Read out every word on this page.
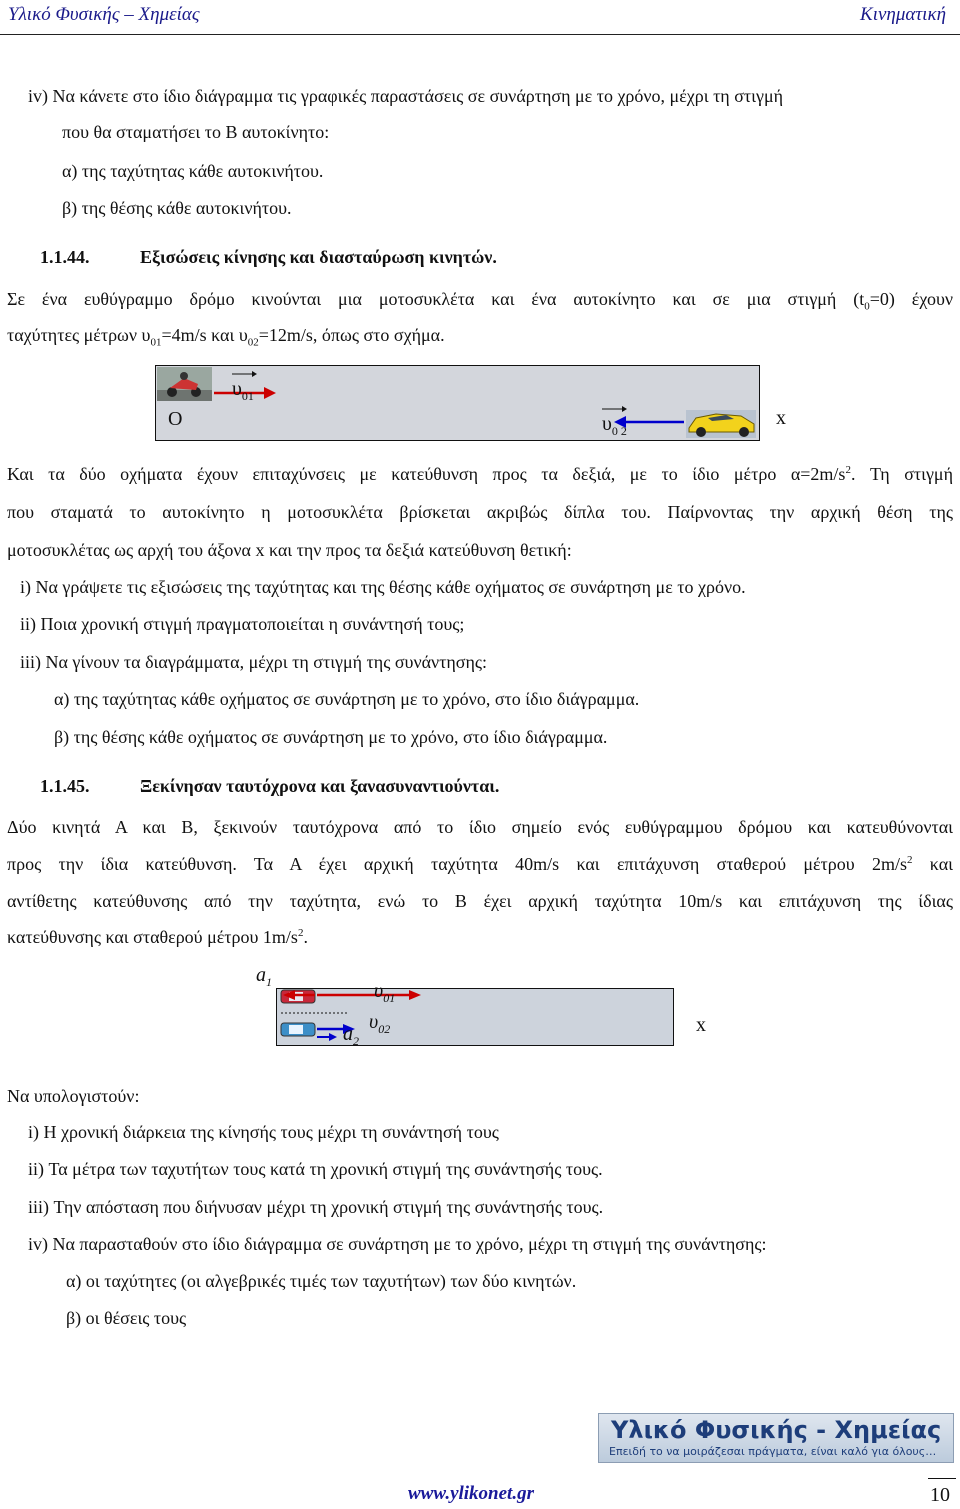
Υλικό Φυσικής – Χημείας	Κινηματική
iv) Να κάνετε στο ίδιο διάγραμμα τις γραφικές παραστάσεις σε συνάρτηση με το χρόνο, μέχρι τη στιγμή
που θα σταματήσει το Β αυτοκίνητο:
α) της ταχύτητας κάθε αυτοκινήτου.
β) της θέσης κάθε αυτοκινήτου.
1.1.44.	Εξισώσεις κίνησης και διασταύρωση κινητών.
Σε ένα ευθύγραμμο δρόμο κινούνται μια μοτοσυκλέτα και ένα αυτοκίνητο και σε μια στιγμή $(t_0=0)$ έχουν
ταχύτητες μέτρων $\upsilon_{01}=4m/s$ και $\upsilon_{02}=12m/s$, όπως στο σχήμα.
O
$\upsilon_{01}$
$\upsilon_{0 2}$
x
Και τα δύο οχήματα έχουν επιταχύνσεις με κατεύθυνση προς τα δεξιά, με το ίδιο μέτρο $\alpha=2m/s^2$. Τη στιγμή
που σταματά το αυτοκίνητο η μοτοσυκλέτα βρίσκεται ακριβώς δίπλα του. Παίρνοντας την αρχική θέση της
μοτοσυκλέτας ως αρχή του άξονα x και την προς τα δεξιά κατεύθυνση θετική:
i) Να γράψετε τις εξισώσεις της ταχύτητας και της θέσης κάθε οχήματος σε συνάρτηση με το χρόνο.
ii) Ποια χρονική στιγμή πραγματοποιείται η συνάντησή τους;
iii) Να γίνουν τα διαγράμματα, μέχρι τη στιγμή της συνάντησης:
α) της ταχύτητας κάθε οχήματος σε συνάρτηση με το χρόνο, στο ίδιο διάγραμμα.
β) της θέσης κάθε οχήματος σε συνάρτηση με το χρόνο, στο ίδιο διάγραμμα.
1.1.45.	Ξεκίνησαν ταυτόχρονα και ξανασυναντιούνται.
Δύο κινητά Α και Β, ξεκινούν ταυτόχρονα από το ίδιο σημείο ενός ευθύγραμμου δρόμου και κατευθύνονται
προς την ίδια κατεύθυνση. Τα Α έχει αρχική ταχύτητα 40m/s και επιτάχυνση σταθερού μέτρου $2m/s^2$ και
αντίθετης κατεύθυνσης από την ταχύτητα, ενώ το Β έχει αρχική ταχύτητα 10m/s και επιτάχυνση της ίδιας
κατεύθυνσης και σταθερού μέτρου $1m/s^2$.
$\upsilon_{02}$
$a_2$
$a_1$	$\upsilon_{01}$
x
Να υπολογιστούν:
i) Η χρονική διάρκεια της κίνησής τους μέχρι τη συνάντησή τους
ii) Τα μέτρα των ταχυτήτων τους κατά τη χρονική στιγμή της συνάντησής τους.
iii) Την απόσταση που διήνυσαν μέχρι τη χρονική στιγμή της συνάντησής τους.
iv) Να παρασταθούν στο ίδιο διάγραμμα σε συνάρτηση με το χρόνο, μέχρι τη στιγμή της συνάντησης:
α) οι ταχύτητες (οι αλγεβρικές τιμές των ταχυτήτων) των δύο κινητών.
β) οι θέσεις τους
Υλικό Φυσικής - Χημείας
Επειδή το να μοιράζεσαι πράγματα, είναι καλό για όλους…
www.ylikonet.gr	10
